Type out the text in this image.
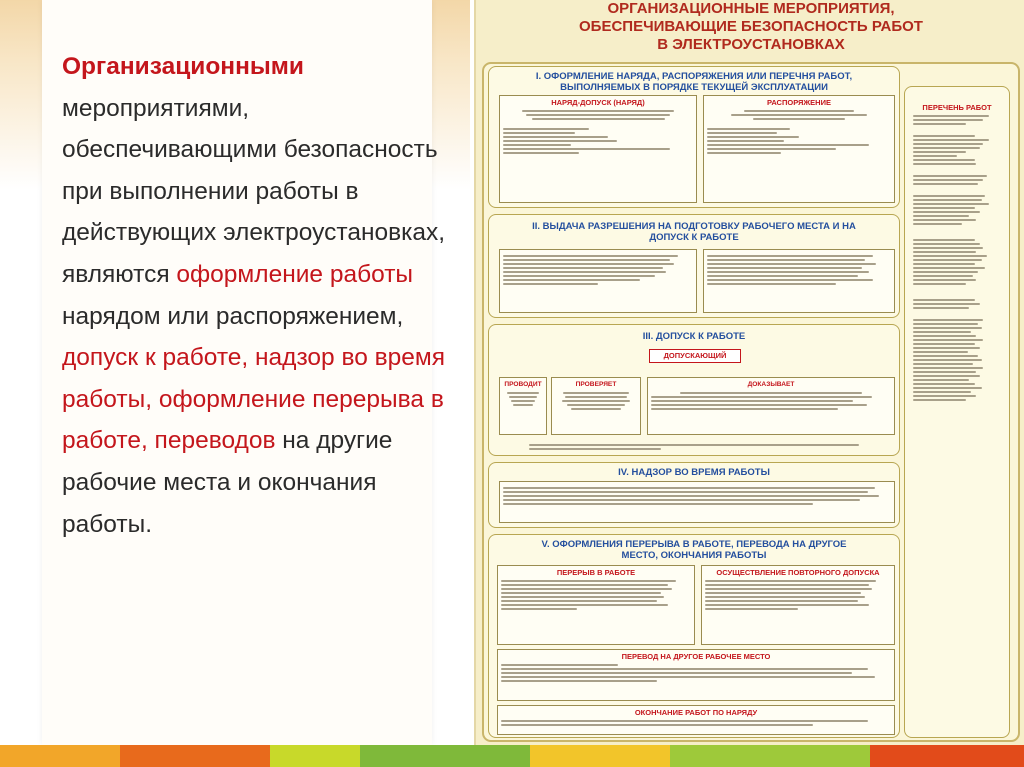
Организационными мероприятиями, обеспечивающими безопасность при выполнении работы в действующих электроустановках, являются оформление работы нарядом или распоряжением, допуск к работе, надзор во время работы, оформление перерыва в работе, переводов на другие рабочие места и окончания работы.
ОРГАНИЗАЦИОННЫЕ МЕРОПРИЯТИЯ,
ОБЕСПЕЧИВАЮЩИЕ БЕЗОПАСНОСТЬ РАБОТ
В ЭЛЕКТРОУСТАНОВКАХ
I. ОФОРМЛЕНИЕ НАРЯДА, РАСПОРЯЖЕНИЯ ИЛИ ПЕРЕЧНЯ РАБОТ, ВЫПОЛНЯЕМЫХ В ПОРЯДКЕ ТЕКУЩЕЙ ЭКСПЛУАТАЦИИ
НАРЯД-ДОПУСК (НАРЯД)	РАСПОРЯЖЕНИЕ
II. ВЫДАЧА РАЗРЕШЕНИЯ НА ПОДГОТОВКУ РАБОЧЕГО МЕСТА И НА ДОПУСК К РАБОТЕ
III. ДОПУСК К РАБОТЕ
ДОПУСКАЮЩИЙ
ПРОВОДИТ	ПРОВЕРЯЕТ	ДОКАЗЫВАЕТ
IV. НАДЗОР ВО ВРЕМЯ РАБОТЫ
V. ОФОРМЛЕНИЯ ПЕРЕРЫВА В РАБОТЕ, ПЕРЕВОДА НА ДРУГОЕ МЕСТО, ОКОНЧАНИЯ РАБОТЫ
ПЕРЕРЫВ В РАБОТЕ	ОСУЩЕСТВЛЕНИЕ ПОВТОРНОГО ДОПУСКА
ПЕРЕВОД НА ДРУГОЕ РАБОЧЕЕ МЕСТО
ОКОНЧАНИЕ РАБОТ ПО НАРЯДУ
ПЕРЕЧЕНЬ РАБОТ
